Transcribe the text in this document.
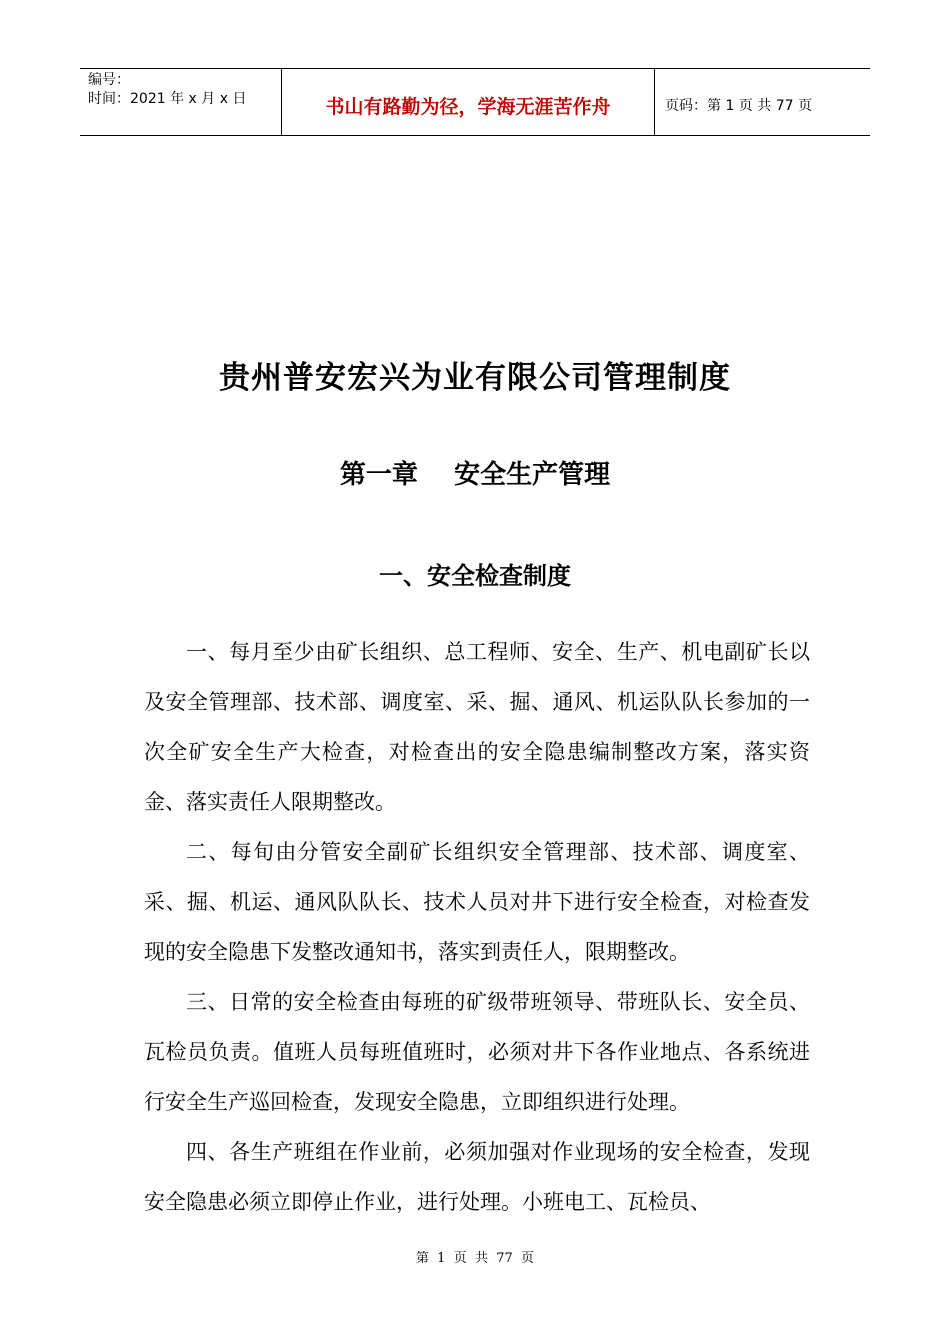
编号：
时间：2021 年 x 月 x 日	书山有路勤为径，学海无涯苦作舟	页码：第 1 页 共 77 页
贵州普安宏兴为业有限公司管理制度
第一章    安全生产管理
一、安全检查制度

一、每月至少由矿长组织、总工程师、安全、生产、机电副矿长以及安全管理部、技术部、调度室、采、掘、通风、机运队队长参加的一次全矿安全生产大检查，对检查出的安全隐患编制整改方案，落实资金、落实责任人限期整改。

二、每旬由分管安全副矿长组织安全管理部、技术部、调度室、采、掘、机运、通风队队长、技术人员对井下进行安全检查，对检查发现的安全隐患下发整改通知书，落实到责任人，限期整改。

三、日常的安全检查由每班的矿级带班领导、带班队长、安全员、瓦检员负责。值班人员每班值班时，必须对井下各作业地点、各系统进行安全生产巡回检查，发现安全隐患，立即组织进行处理。

四、各生产班组在作业前，必须加强对作业现场的安全检查，发现安全隐患必须立即停止作业，进行处理。小班电工、瓦检员、

第  1  页  共  77  页
